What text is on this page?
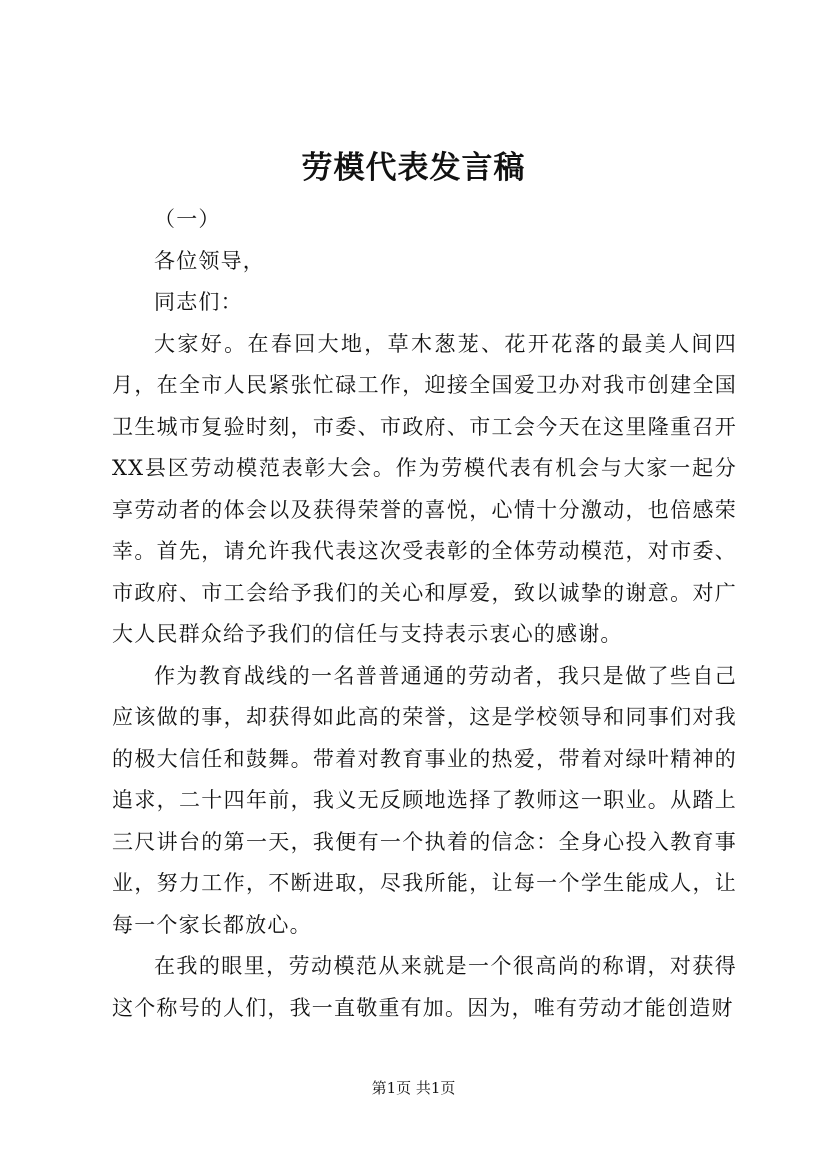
劳模代表发言稿

（一）

各位领导，

同志们：

大家好。在春回大地，草木葱茏、花开花落的最美人间四月，在全市人民紧张忙碌工作，迎接全国爱卫办对我市创建全国卫生城市复验时刻，市委、市政府、市工会今天在这里隆重召开XX县区劳动模范表彰大会。作为劳模代表有机会与大家一起分享劳动者的体会以及获得荣誉的喜悦，心情十分激动，也倍感荣幸。首先，请允许我代表这次受表彰的全体劳动模范，对市委、市政府、市工会给予我们的关心和厚爱，致以诚挚的谢意。对广大人民群众给予我们的信任与支持表示衷心的感谢。

作为教育战线的一名普普通通的劳动者，我只是做了些自己应该做的事，却获得如此高的荣誉，这是学校领导和同事们对我的极大信任和鼓舞。带着对教育事业的热爱，带着对绿叶精神的追求，二十四年前，我义无反顾地选择了教师这一职业。从踏上三尺讲台的第一天，我便有一个执着的信念：全身心投入教育事业，努力工作，不断进取，尽我所能，让每一个学生能成人，让每一个家长都放心。

在我的眼里，劳动模范从来就是一个很高尚的称谓，对获得这个称号的人们，我一直敬重有加。因为，唯有劳动才能创造财

第1页 共1页
